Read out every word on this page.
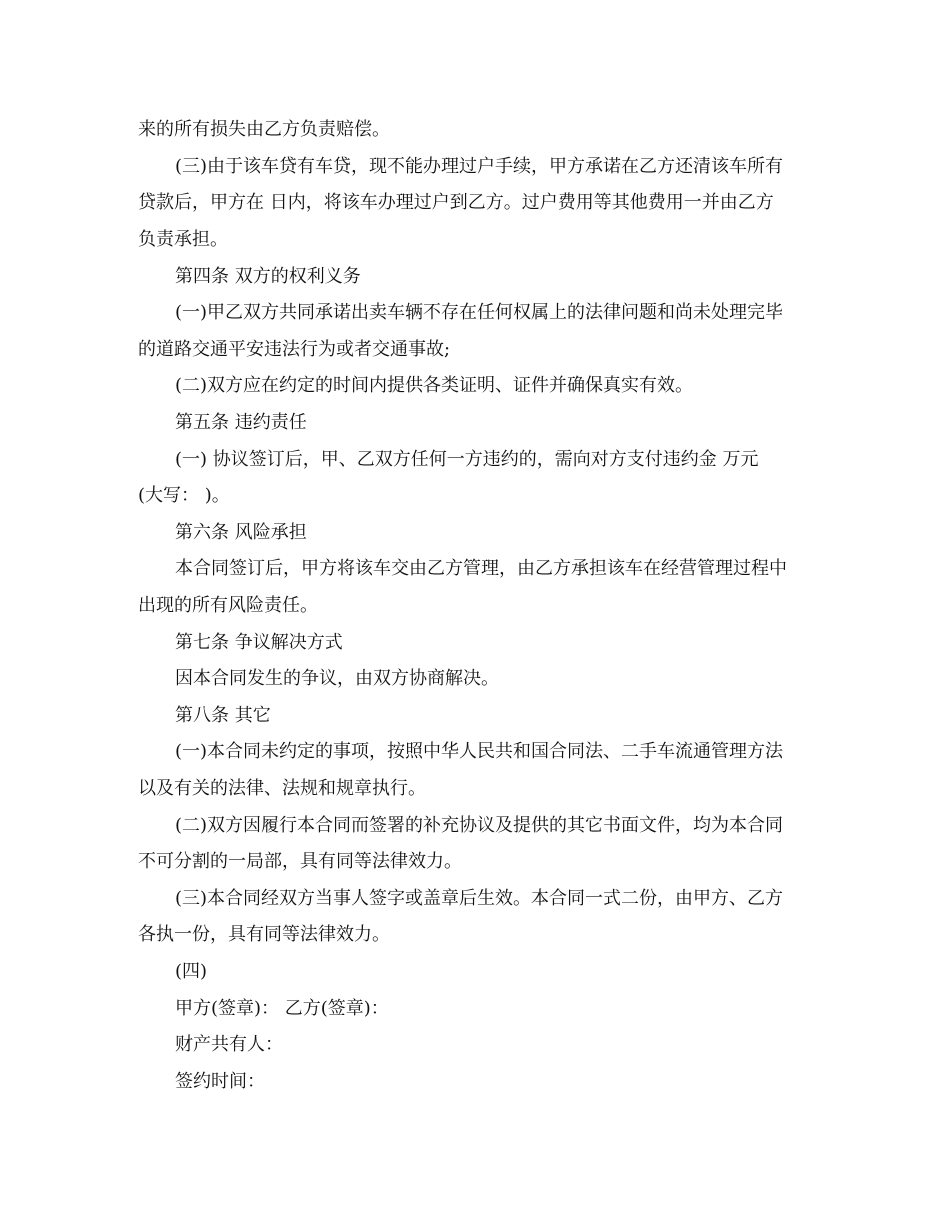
来的所有损失由乙方负责赔偿。
(三)由于该车贷有车贷，现不能办理过户手续，甲方承诺在乙方还清该车所有
贷款后，甲方在 日内，将该车办理过户到乙方。过户费用等其他费用一并由乙方
负责承担。
第四条 双方的权利义务
(一)甲乙双方共同承诺出卖车辆不存在任何权属上的法律问题和尚未处理完毕
的道路交通平安违法行为或者交通事故;
(二)双方应在约定的时间内提供各类证明、证件并确保真实有效。
第五条 违约责任
(一) 协议签订后，甲、乙双方任何一方违约的，需向对方支付违约金 万元
(大写： )。
第六条 风险承担
本合同签订后，甲方将该车交由乙方管理，由乙方承担该车在经营管理过程中
出现的所有风险责任。
第七条 争议解决方式
因本合同发生的争议，由双方协商解决。
第八条 其它
(一)本合同未约定的事项，按照中华人民共和国合同法、二手车流通管理方法
以及有关的法律、法规和规章执行。
(二)双方因履行本合同而签署的补充协议及提供的其它书面文件，均为本合同
不可分割的一局部，具有同等法律效力。
(三)本合同经双方当事人签字或盖章后生效。本合同一式二份，由甲方、乙方
各执一份，具有同等法律效力。
(四)
甲方(签章)： 乙方(签章)：
财产共有人：
签约时间：
